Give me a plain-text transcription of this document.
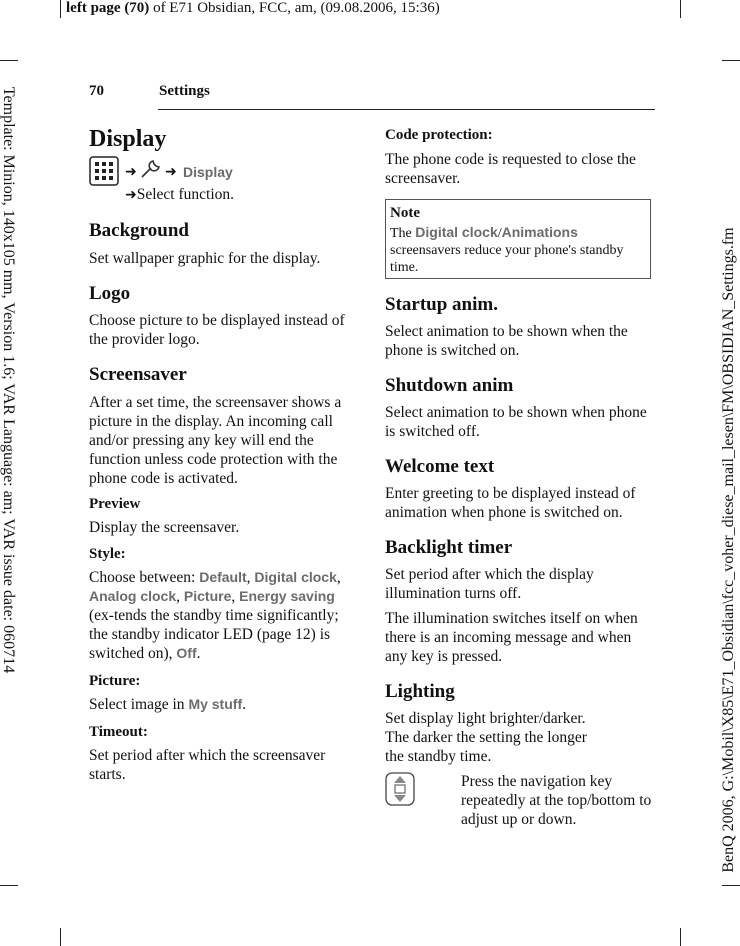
left page (70) of E71 Obsidian, FCC, am, (09.08.2006, 15:36)
Template: Minion, 140x105 mm, Version 1.6; VAR Language: am; VAR issue date: 060714	BenQ 2006, G:\Mobil\X85\E71_Obsidian\fcc_voher_diese_mail_lesen\FM\OBSIDIAN_Settings.fm
70	Settings
Display
➜ ➜ Display
➜Select function.
Background

Set wallpaper graphic for the display.

Logo

Choose picture to be displayed instead of the provider logo.

Screensaver

After a set time, the screensaver shows a picture in the display. An incoming call and/or pressing any key will end the function unless code protection with the phone code is activated.

Preview

Display the screensaver.

Style:

Choose between: Default, Digital clock, Analog clock, Picture, Energy saving (ex-tends the standby time significantly; the standby indicator LED (page 12) is switched on), Off.

Picture:

Select image in My stuff.

Timeout:

Set period after which the screensaver starts.

Code protection:

The phone code is requested to close the screensaver.

Note

The Digital clock/Animations screensavers reduce your phone's standby time.

Startup anim.

Select animation to be shown when the phone is switched on.

Shutdown anim

Select animation to be shown when phone is switched off.

Welcome text

Enter greeting to be displayed instead of animation when phone is switched on.

Backlight timer

Set period after which the display illumination turns off.

The illumination switches itself on when there is an incoming message and when any key is pressed.

Lighting

Set display light brighter/darker. The darker the setting the longer the standby time.

Press the navigation key repeatedly at the top/bottom to adjust up or down.
